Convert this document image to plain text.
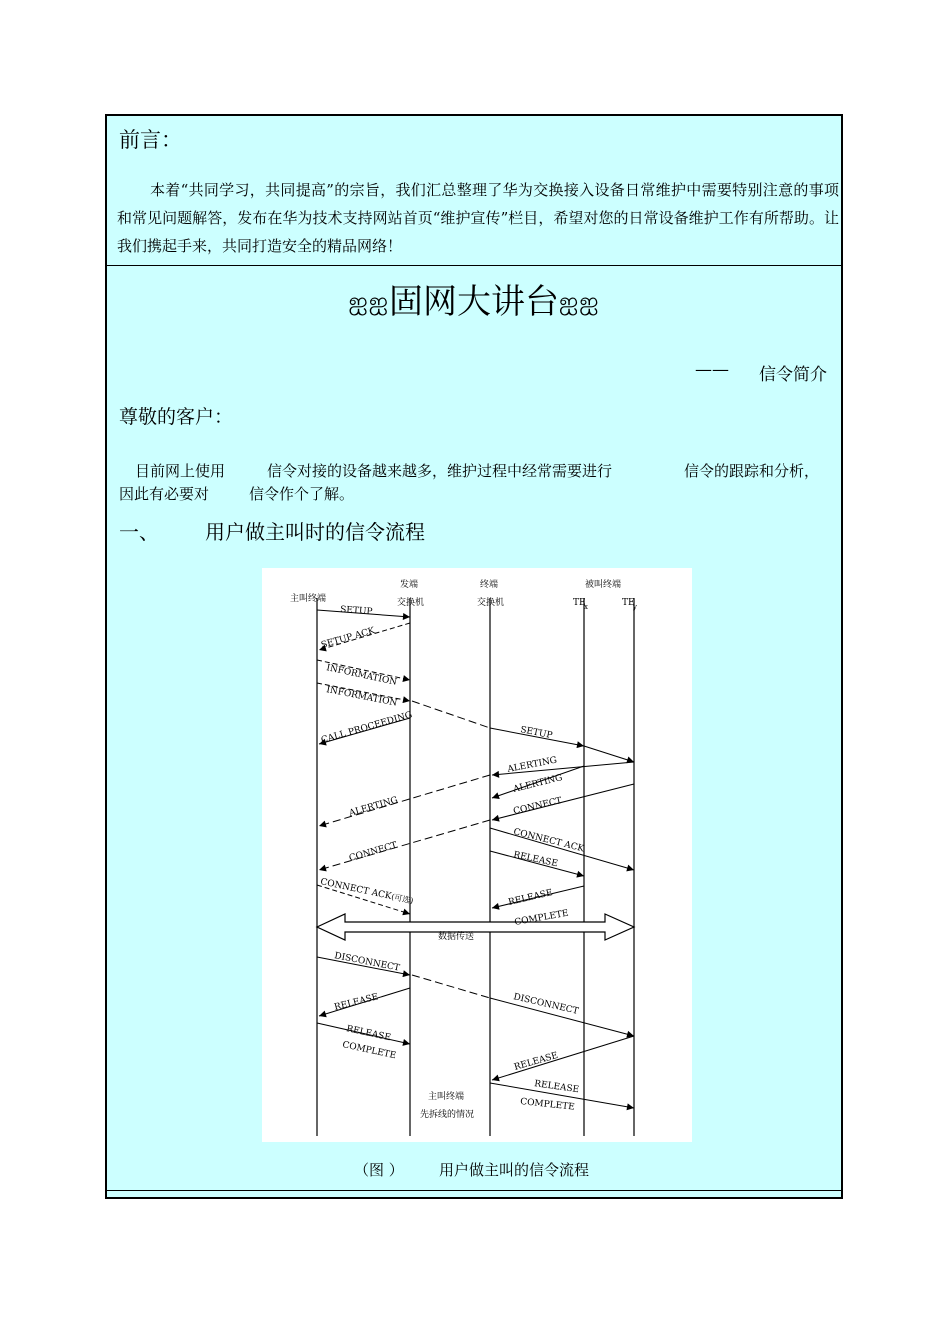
前言：
本着“共同学习，共同提高”的宗旨，我们汇总整理了华为交换接入设备日常维护中需要特别注意的事项和常见问题解答，发布在华为技术支持网站首页“维护宣传”栏目，希望对您的日常设备维护工作有所帮助。让我们携起手来，共同打造安全的精品网络！
ஐஐ固网大讲台ஐஐ
—— 信令简介
尊敬的客户：
目前网上使用	信令对接的设备越来越多，维护过程中经常需要进行	信令的跟踪和分析，
因此有必要对	信令作个了解。
一、 用户做主叫时的信令流程
主叫终端
发端
交换机
终端
交换机
被叫终端
TE
x	TE
y
数据传送
SETUP
SETUP ACK
INFORMATION
INFORMATION
CALL PROCEEDING	SETUP
ALERTING
ALERTING
CONNECT
ALERTING
CONNECT ACK
CONNECT	RELEASE
CONNECT ACK(可选)	RELEASE
COMPLETE
DISCONNECT
DISCONNECT
RELEASE
RELEASE
COMPLETE
RELEASE
RELEASE
COMPLETE
主叫终端
先拆线的情况
（图 ） 用户做主叫的信令流程
